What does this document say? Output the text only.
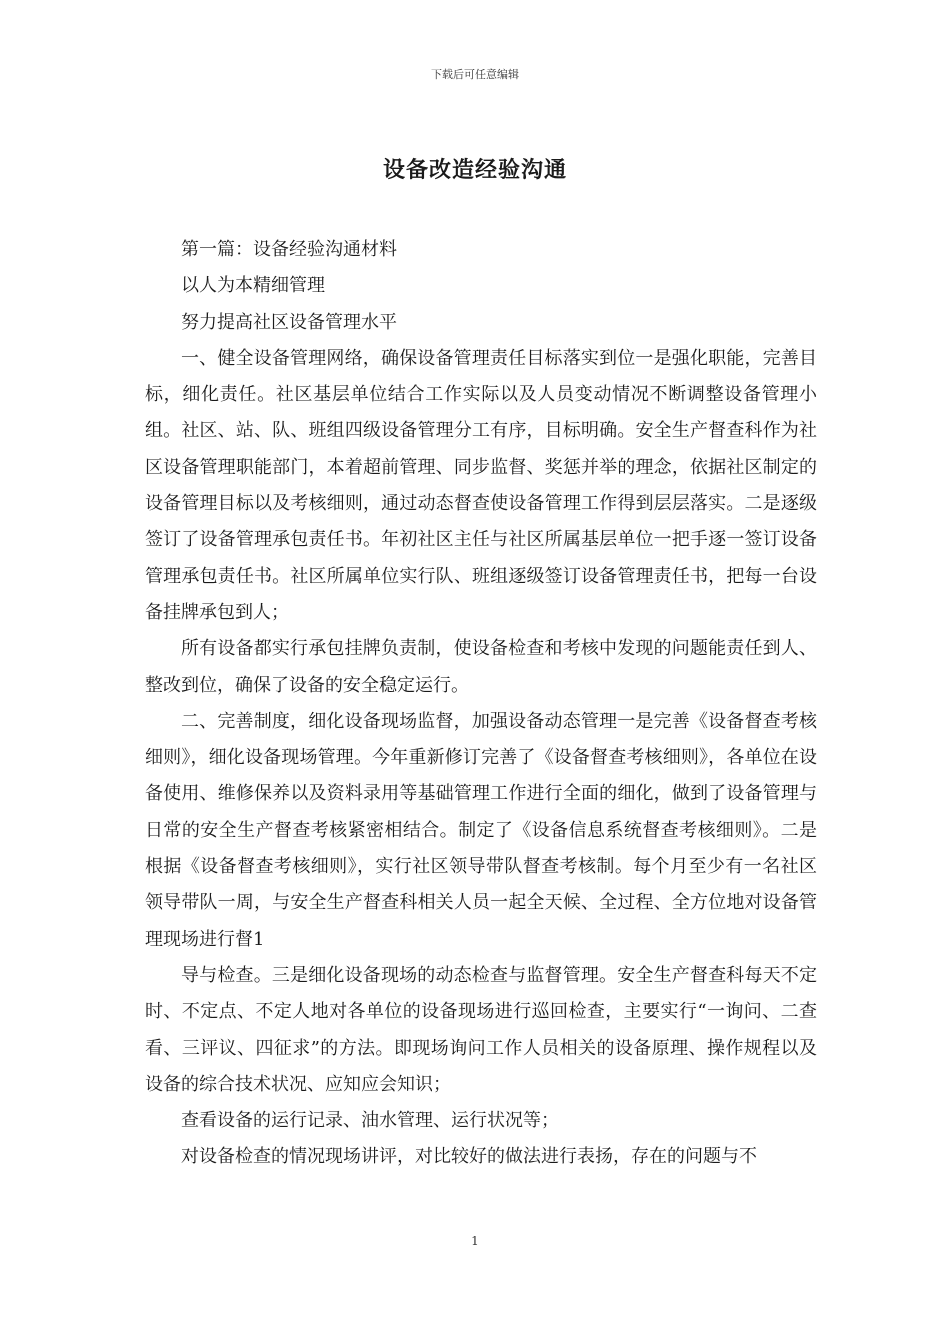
下载后可任意编辑
设备改造经验沟通

第一篇：设备经验沟通材料

以人为本精细管理

努力提高社区设备管理水平

一、健全设备管理网络，确保设备管理责任目标落实到位一是强化职能，完善目标，细化责任。社区基层单位结合工作实际以及人员变动情况不断调整设备管理小组。社区、站、队、班组四级设备管理分工有序，目标明确。安全生产督查科作为社区设备管理职能部门，本着超前管理、同步监督、奖惩并举的理念，依据社区制定的设备管理目标以及考核细则，通过动态督查使设备管理工作得到层层落实。二是逐级签订了设备管理承包责任书。年初社区主任与社区所属基层单位一把手逐一签订设备管理承包责任书。社区所属单位实行队、班组逐级签订设备管理责任书，把每一台设备挂牌承包到人；

所有设备都实行承包挂牌负责制，使设备检查和考核中发现的问题能责任到人、整改到位，确保了设备的安全稳定运行。

二、完善制度，细化设备现场监督，加强设备动态管理一是完善《设备督查考核细则》，细化设备现场管理。今年重新修订完善了《设备督查考核细则》，各单位在设备使用、维修保养以及资料录用等基础管理工作进行全面的细化，做到了设备管理与日常的安全生产督查考核紧密相结合。制定了《设备信息系统督查考核细则》。二是根据《设备督查考核细则》，实行社区领导带队督查考核制。每个月至少有一名社区领导带队一周，与安全生产督查科相关人员一起全天候、全过程、全方位地对设备管理现场进行督1

导与检查。三是细化设备现场的动态检查与监督管理。安全生产督查科每天不定时、不定点、不定人地对各单位的设备现场进行巡回检查，主要实行“一询问、二查看、三评议、四征求”的方法。即现场询问工作人员相关的设备原理、操作规程以及设备的综合技术状况、应知应会知识；

查看设备的运行记录、油水管理、运行状况等；

对设备检查的情况现场讲评，对比较好的做法进行表扬，存在的问题与不

1
